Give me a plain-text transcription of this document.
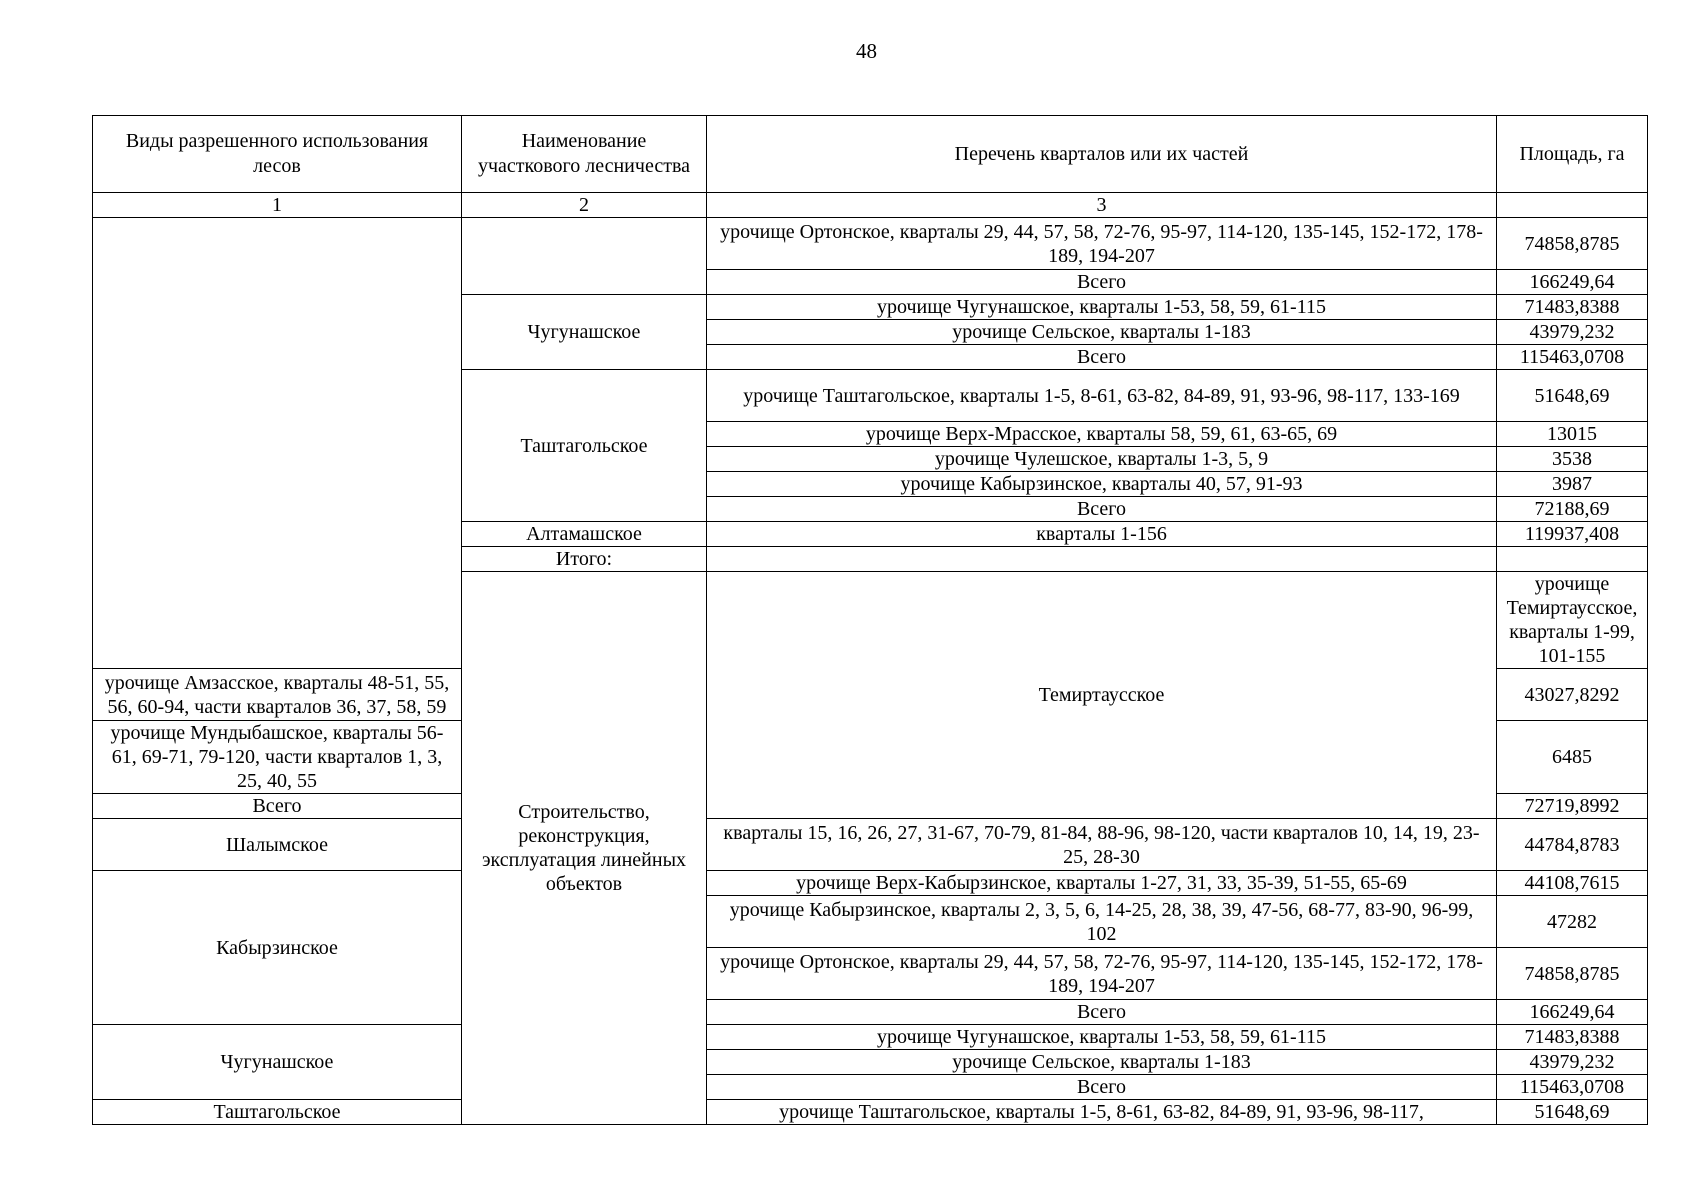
48
Виды разрешенного использования лесов	Наименование участкового лесничества	Перечень кварталов или их частей	Площадь, га	
1	2	3		
		урочище Ортонское, кварталы 29, 44, 57, 58, 72-76, 95-97, 114-120, 135-145, 152-172, 178-189, 194-207	74858,8785	
		Всего	166249,64	
	Чугунашское	урочище Чугунашское, кварталы 1-53, 58, 59, 61-115	71483,8388	
		урочище Сельское, кварталы 1-183	43979,232	
		Всего	115463,0708	
	Таштагольское	урочище Таштагольское, кварталы 1-5, 8-61, 63-82, 84-89, 91, 93-96, 98-117, 133-169	51648,69	
		урочище Верх-Мрасское, кварталы 58, 59, 61, 63-65, 69	13015	
		урочище Чулешское, кварталы 1-3, 5, 9	3538	
		урочище Кабырзинское, кварталы 40, 57, 91-93	3987	
		Всего	72188,69	
	Алтамашское	кварталы 1-156	119937,408	
	Итого:			
	Строительство, реконструкция, эксплуатация линейных объектов	Темиртаусское	урочище Темиртаусское, кварталы 1-99, 101-155	
урочище Амзасское, кварталы 48-51, 55, 56, 60-94, части кварталов 36, 37, 58, 59			43027,8292	
урочище Мундыбашское, кварталы 56-61, 69-71, 79-120, части кварталов 1, 3, 25, 40, 55			6485	
Всего			72719,8992	
Шалымское		кварталы 15, 16, 26, 27, 31-67, 70-79, 81-84, 88-96, 98-120, части кварталов 10, 14, 19, 23-25, 28-30	44784,8783	
Кабырзинское		урочище Верх-Кабырзинское, кварталы 1-27, 31, 33, 35-39, 51-55, 65-69	44108,7615	
		урочище Кабырзинское, кварталы 2, 3, 5, 6, 14-25, 28, 38, 39, 47-56, 68-77, 83-90, 96-99, 102	47282	
		урочище Ортонское, кварталы 29, 44, 57, 58, 72-76, 95-97, 114-120, 135-145, 152-172, 178-189, 194-207	74858,8785	
		Всего	166249,64	
Чугунашское		урочище Чугунашское, кварталы 1-53, 58, 59, 61-115	71483,8388	
		урочище Сельское, кварталы 1-183	43979,232	
		Всего	115463,0708	
Таштагольское		урочище Таштагольское, кварталы 1-5, 8-61, 63-82, 84-89, 91, 93-96, 98-117,	51648,69	
